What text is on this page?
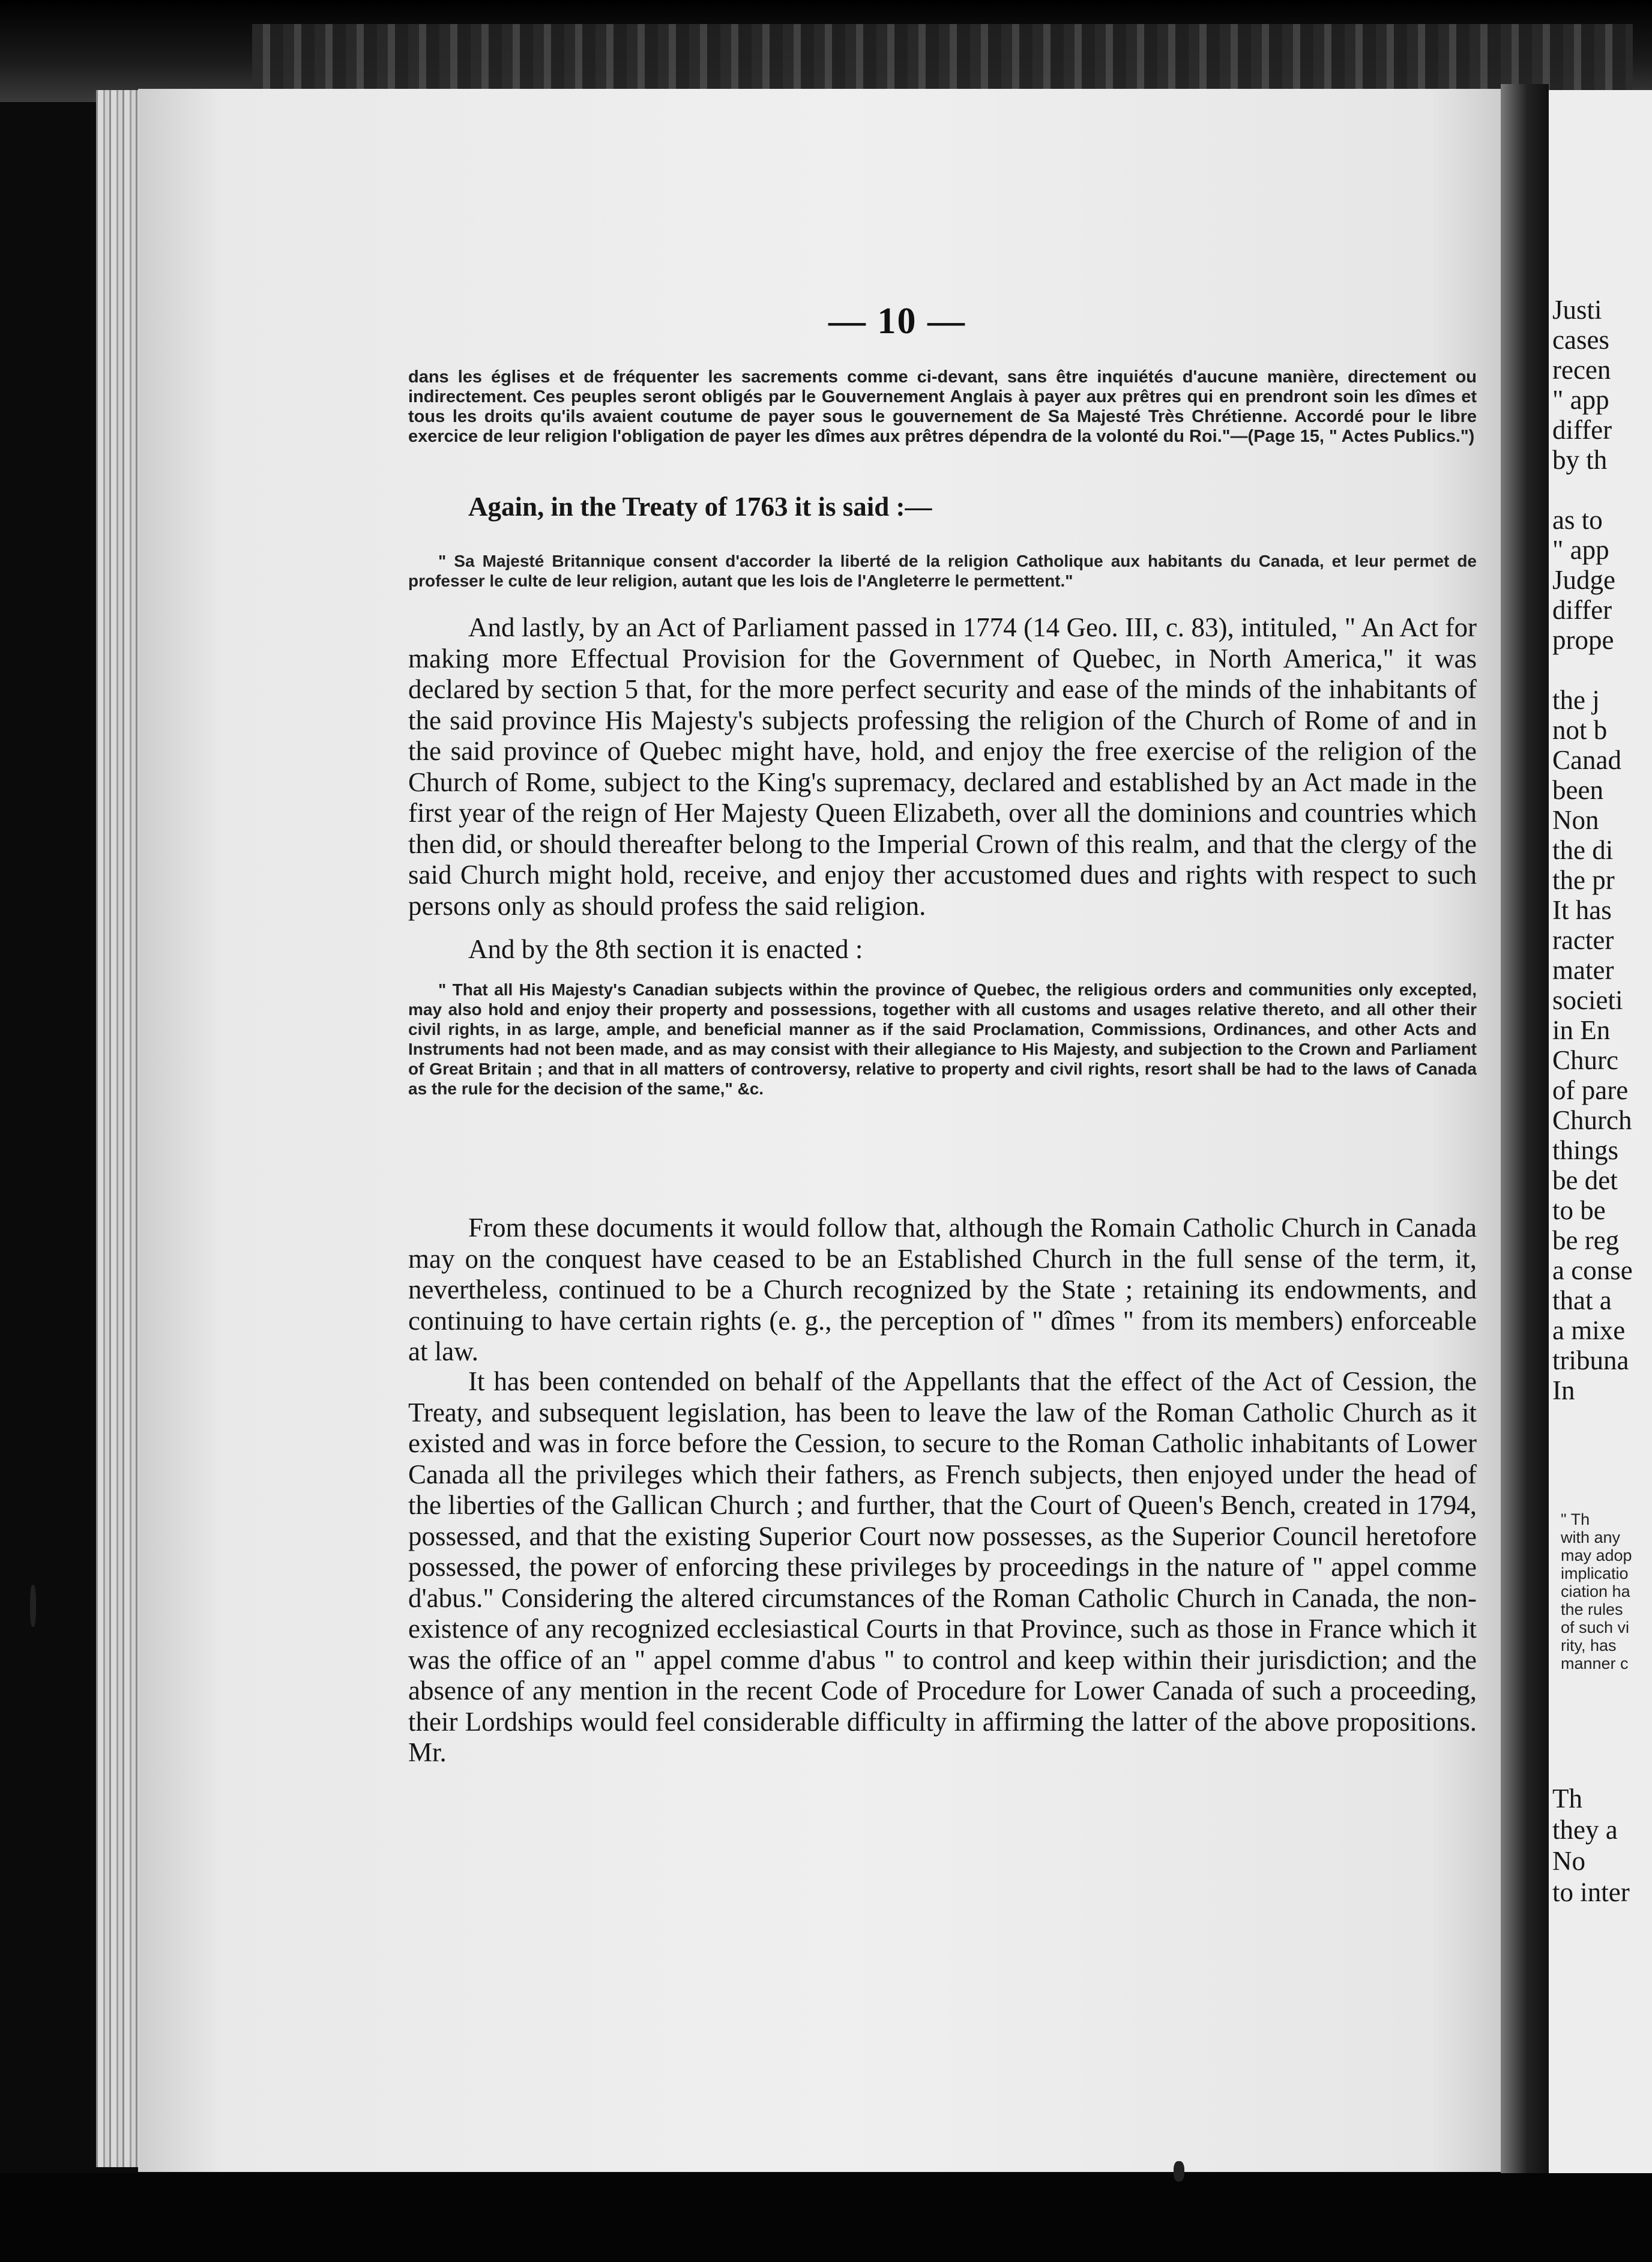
Justi
cases
recen
" app
differ
by th
as to
" app
Judge
differ
prope
the j
not b
Canad
been
Non
the di
the pr
It has
racter
mater
societi
in En
Churc
of pare
Church
things
be det
to be
be reg
a conse
that a
a mixe
tribuna
In
" Th
with any
may adop
implicatio
ciation ha
the rules
of such vi
rity, has
manner c
Th
they a
No
to inter
— 10 —
dans les églises et de fréquenter les sacrements comme ci-devant, sans être inquiétés d'aucune manière, directement ou indirectement. Ces peuples seront obligés par le Gouvernement Anglais à payer aux prêtres qui en prendront soin les dîmes et tous les droits qu'ils avaient coutume de payer sous le gouvernement de Sa Majesté Très Chrétienne. Accordé pour le libre exercice de leur religion l'obligation de payer les dîmes aux prêtres dépendra de la volonté du Roi."—(Page 15, " Actes Publics.")
Again, in the Treaty of 1763 it is said :—
" Sa Majesté Britannique consent d'accorder la liberté de la religion Catholique aux habitants du Canada, et leur permet de professer le culte de leur religion, autant que les lois de l'Angleterre le permettent."
And lastly, by an Act of Parliament passed in 1774 (14 Geo. III, c. 83), intituled, " An Act for making more Effectual Provision for the Government of Quebec, in North America," it was declared by section 5 that, for the more perfect security and ease of the minds of the inhabitants of the said province His Majesty's subjects professing the religion of the Church of Rome of and in the said province of Quebec might have, hold, and enjoy the free exercise of the religion of the Church of Rome, subject to the King's supremacy, declared and established by an Act made in the first year of the reign of Her Majesty Queen Elizabeth, over all the dominions and countries which then did, or should thereafter belong to the Imperial Crown of this realm, and that the clergy of the said Church might hold, receive, and enjoy ther accustomed dues and rights with respect to such persons only as should profess the said religion.
And by the 8th section it is enacted :
" That all His Majesty's Canadian subjects within the province of Quebec, the religious orders and communities only excepted, may also hold and enjoy their property and possessions, together with all customs and usages relative thereto, and all other their civil rights, in as large, ample, and beneficial manner as if the said Proclamation, Commissions, Ordinances, and other Acts and Instruments had not been made, and as may consist with their allegiance to His Majesty, and subjection to the Crown and Parliament of Great Britain ; and that in all matters of controversy, relative to property and civil rights, resort shall be had to the laws of Canada as the rule for the decision of the same," &c.
From these documents it would follow that, although the Romain Catholic Church in Canada may on the conquest have ceased to be an Established Church in the full sense of the term, it, nevertheless, continued to be a Church recognized by the State ; retaining its endowments, and continuing to have certain rights (e. g., the perception of " dîmes " from its members) enforceable at law.
It has been contended on behalf of the Appellants that the effect of the Act of Cession, the Treaty, and subsequent legislation, has been to leave the law of the Roman Catholic Church as it existed and was in force before the Cession, to secure to the Roman Catholic inhabitants of Lower Canada all the privileges which their fathers, as French subjects, then enjoyed under the head of the liberties of the Gallican Church ; and further, that the Court of Queen's Bench, created in 1794, possessed, and that the existing Superior Court now possesses, as the Superior Council heretofore possessed, the power of enforcing these privileges by proceedings in the nature of " appel comme d'abus." Considering the altered circumstances of the Roman Catholic Church in Canada, the non-existence of any recognized ecclesiastical Courts in that Province, such as those in France which it was the office of an " appel comme d'abus " to control and keep within their jurisdiction; and the absence of any mention in the recent Code of Procedure for Lower Canada of such a proceeding, their Lordships would feel considerable difficulty in affirming the latter of the above propositions. Mr.
